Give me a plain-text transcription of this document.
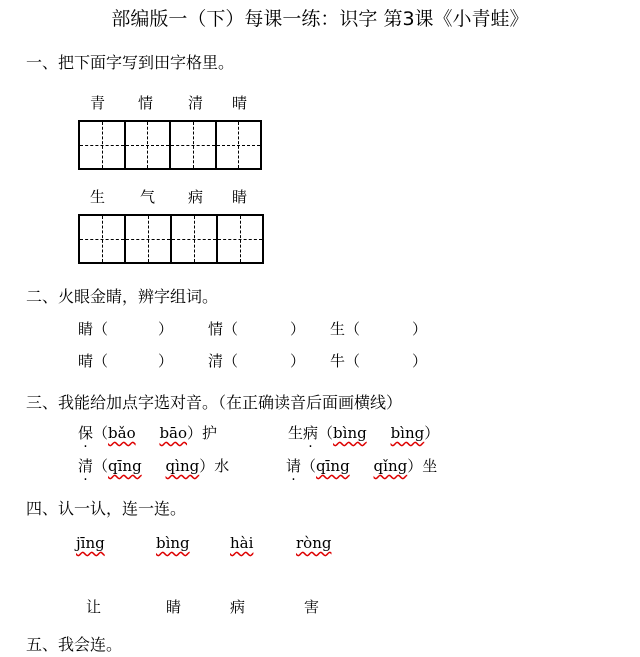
部编版一（下）每课一练：识字 第3课《小青蛙》
一、把下面字写到田字格里。
青 情 清 晴
生 气 病 睛
二、火眼金睛，辨字组词。
睛（	） 情（	） 生（	）
晴（	） 清（	） 牛（	）
三、我能给加点字选对音。（在正确读音后面画横线）
保（bǎo bāo）护	生病（bìng bìng）
清（qīng qìng）水	请（qīng qǐng）坐
四、认一认，连一连。
jīng	bìng	hài	ròng
让	睛	病	害
五、我会连。
